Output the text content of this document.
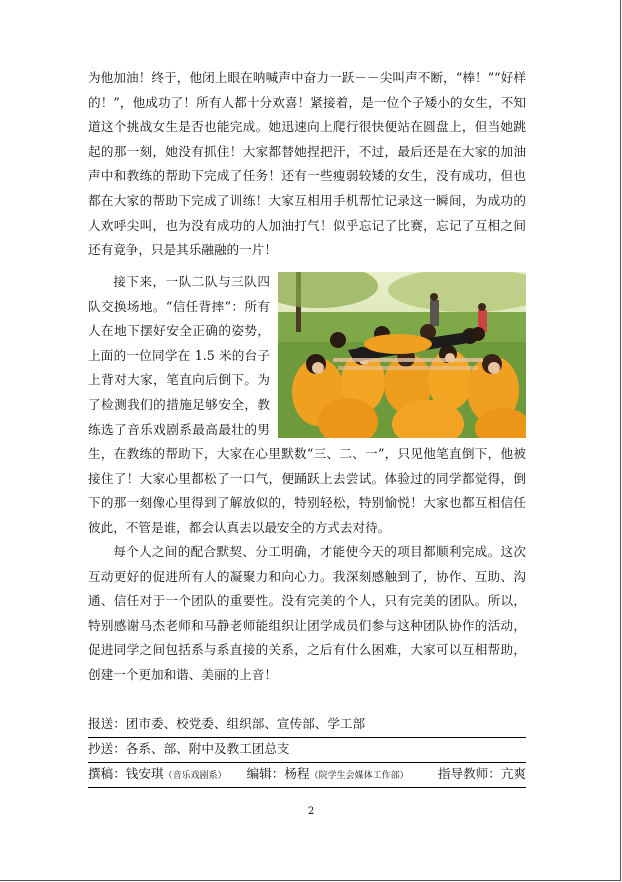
为他加油！终于，他闭上眼在呐喊声中奋力一跃－－尖叫声不断，“棒！”“好样的！”，他成功了！所有人都十分欢喜！紧接着，是一位个子矮小的女生，不知道这个挑战女生是否也能完成。她迅速向上爬行很快便站在圆盘上，但当她跳起的那一刻，她没有抓住！大家都替她捏把汗，不过，最后还是在大家的加油声中和教练的帮助下完成了任务！还有一些瘦弱较矮的女生，没有成功，但也都在大家的帮助下完成了训练！大家互相用手机帮忙记录这一瞬间，为成功的人欢呼尖叫，也为没有成功的人加油打气！似乎忘记了比赛，忘记了互相之间还有竟争，只是其乐融融的一片！

接下来，一队二队与三队四队交换场地。“信任背摔”：所有人在地下摆好安全正确的姿势，上面的一位同学在 1.5 米的台子上背对大家，笔直向后倒下。为了检测我们的措施足够安全，教练选了音乐戏剧系最高最壮的男生，在教练的帮助下，大家在心里默数“三、二、一”，只见他笔直倒下，他被接住了！大家心里都松了一口气，便踊跃上去尝试。体验过的同学都觉得，倒下的那一刻像心里得到了解放似的，特别轻松，特别愉悦！大家也都互相信任彼此，不管是谁，都会认真去以最安全的方式去对待。

每个人之间的配合默契、分工明确，才能使今天的项目都顺利完成。这次互动更好的促进所有人的凝聚力和向心力。我深刻感触到了，协作、互助、沟通、信任对于一个团队的重要性。没有完美的个人，只有完美的团队。所以，特别感谢马杰老师和马静老师能组织让团学成员们参与这种团队协作的活动，促进同学之间包括系与系直接的关系，之后有什么困难，大家可以互相帮助，创建一个更加和谐、美丽的上音！

报送：团市委、校党委、组织部、宣传部、学工部
抄送：各系、部、附中及教工团总支
撰稿：钱安琪（音乐戏剧系） 编辑：杨程（院学生会媒体工作部） 指导教师：亢爽
2
